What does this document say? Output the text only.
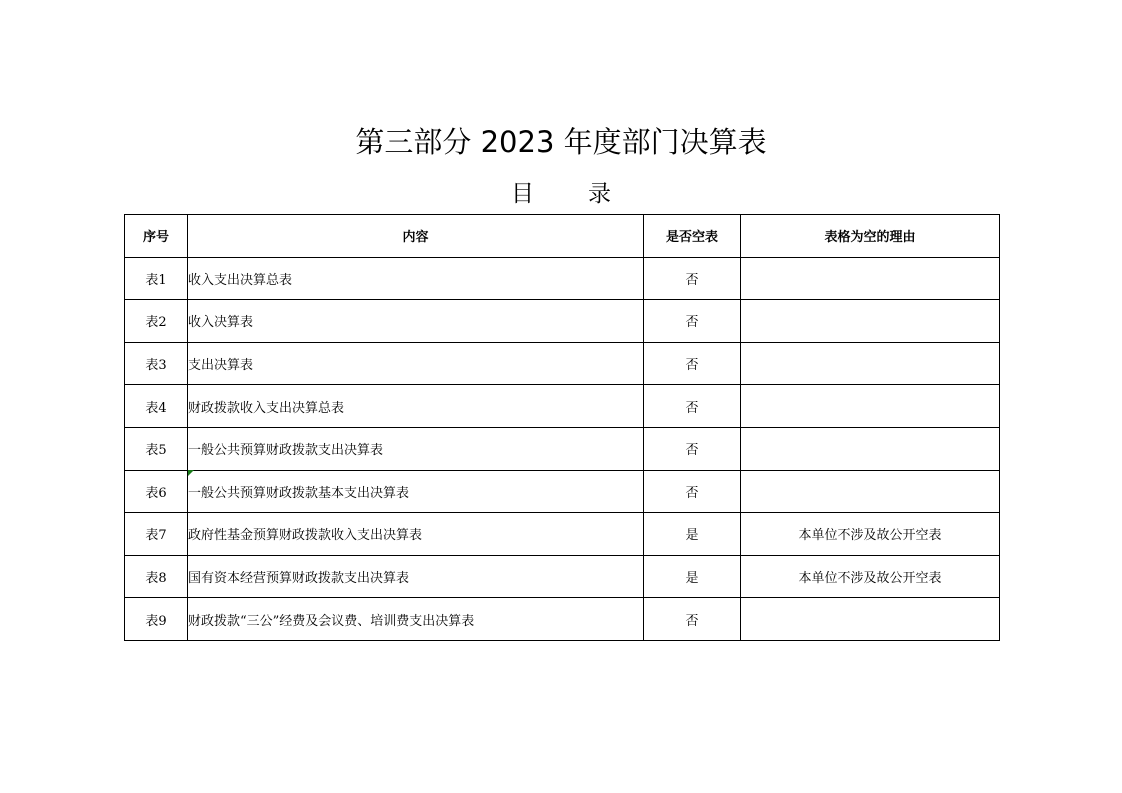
第三部分 2023 年度部门决算表
目 录
序号	内容	是否空表	表格为空的理由
表1	收入支出决算总表	否	
表2	收入决算表	否	
表3	支出决算表	否	
表4	财政拨款收入支出决算总表	否	
表5	一般公共预算财政拨款支出决算表	否	
表6	一般公共预算财政拨款基本支出决算表	否	
表7	政府性基金预算财政拨款收入支出决算表	是	本单位不涉及故公开空表
表8	国有资本经营预算财政拨款支出决算表	是	本单位不涉及故公开空表
表9	财政拨款“三公”经费及会议费、培训费支出决算表	否	
